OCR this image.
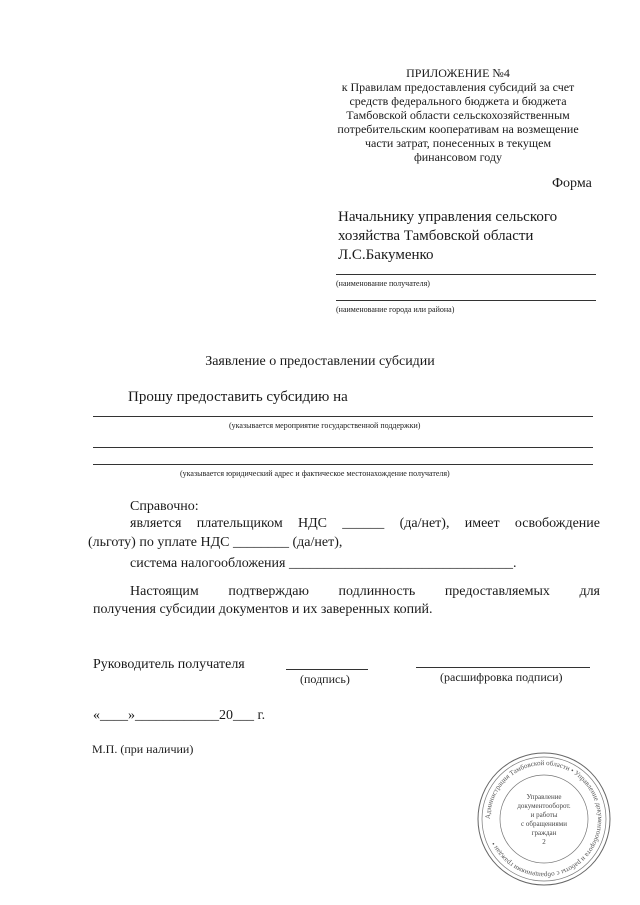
ПРИЛОЖЕНИЕ №4
к Правилам предоставления субсидий за счет
средств федерального бюджета и бюджета
Тамбовской области сельскохозяйственным
потребительским кооперативам на возмещение
части затрат, понесенных в текущем
финансовом году
Форма
Начальнику управления сельского
хозяйства Тамбовской области
Л.С.Бакуменко
(наименование получателя)
(наименование города или района)
Заявление о предоставлении субсидии
Прошу предоставить субсидию на
(указывается мероприятие государственной поддержки)
(указывается юридический адрес и фактическое местонахождение получателя)
Справочно:
является плательщиком НДС ______ (да/нет), имеет освобождение
(льготу) по уплате НДС ________ (да/нет),
система налогообложения ________________________________.
Настоящим подтверждаю подлинность предоставляемых для
получения субсидии документов и их заверенных копий.
Руководитель получателя
(подпись)	(расшифровка подписи)
«____»____________20___ г.
М.П. (при наличии)
Администрация Тамбовской области • Управление документооборота и работы с обращениями граждан •
Управление
документооборот.
и работы
с обращениями
граждан
2
